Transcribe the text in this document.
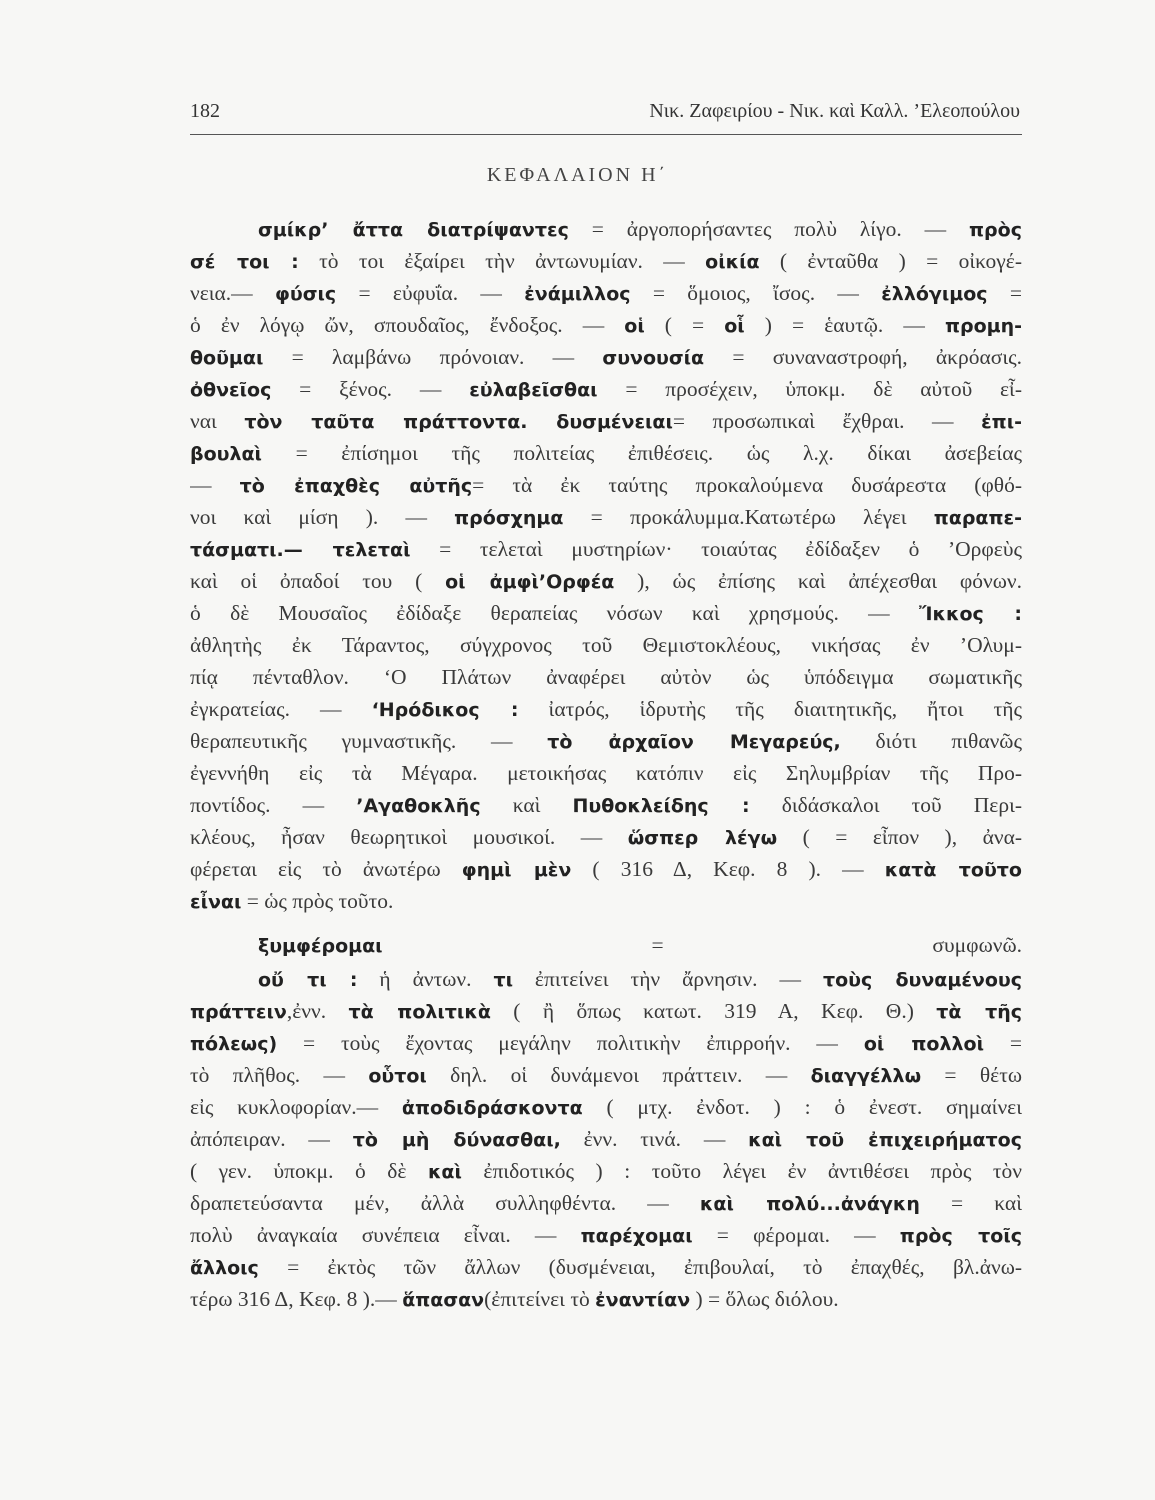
182	Νικ. Ζαφειρίου - Νικ. καὶ Καλλ. ’Ελεοπούλου
ΚΕΦΑΛΑΙΟΝ Η΄
σμίκρ’ ἄττα διατρίψαντες = ἀργοπορήσαντες πολὺ λίγο. — πρὸς
σέ τοι : τὸ τοι ἐξαίρει τὴν ἀντωνυμίαν. — οἰκία ( ἐνταῦθα ) = οἰκογέ-
νεια.— φύσις = εὐφυΐα. — ἐνάμιλλος = ὅμοιος, ἴσος. — ἐλλόγιμος =
ὁ ἐν λόγῳ ὤν, σπουδαῖος, ἔνδοξος. — οἱ ( = οἷ ) = ἑαυτῷ. — προμη-
θοῦμαι = λαμβάνω πρόνοιαν. — συνουσία = συναναστροφή, ἀκρόασις.
ὀθνεῖος = ξένος. — εὐλαβεῖσθαι = προσέχειν, ὑποκμ. δὲ αὐτοῦ εἶ-
ναι τὸν ταῦτα πράττοντα. δυσμένειαι= προσωπικαὶ ἔχθραι. — ἐπι-
βουλαὶ = ἐπίσημοι τῆς πολιτείας ἐπιθέσεις. ὡς λ.χ. δίκαι ἀσεβείας
— τὸ ἐπαχθὲς αὐτῆς= τὰ ἐκ ταύτης προκαλούμενα δυσάρεστα (φθό-
νοι καὶ μίση ). — πρόσχημα = προκάλυμμα.Κατωτέρω λέγει παραπε-
τάσματι.— τελεταὶ = τελεταὶ μυστηρίων· τοιαύτας ἐδίδαξεν ὁ ’Ορφεὺς
καὶ οἱ ὀπαδοί του ( οἱ ἀμφὶ’Ορφέα ), ὡς ἐπίσης καὶ ἀπέχεσθαι φόνων.
ὁ δὲ Μουσαῖος ἐδίδαξε θεραπείας νόσων καὶ χρησμούς. — Ἴκκος :
ἀθλητὴς ἐκ Τάραντος, σύγχρονος τοῦ Θεμιστοκλέους, νικήσας ἐν ’Ολυμ-
πίᾳ πένταθλον. ‘Ο Πλάτων ἀναφέρει αὐτὸν ὡς ὑπόδειγμα σωματικῆς
ἐγκρατείας. — ‘Ηρόδικος : ἰατρός, ἱδρυτὴς τῆς διαιτητικῆς, ἤτοι τῆς
θεραπευτικῆς γυμναστικῆς. — τὸ ἀρχαῖον Μεγαρεύς, διότι πιθανῶς
ἐγεννήθη εἰς τὰ Μέγαρα. μετοικήσας κατόπιν εἰς Σηλυμβρίαν τῆς Προ-
ποντίδος. — ’Αγαθοκλῆς καὶ Πυθοκλείδης : διδάσκαλοι τοῦ Περι-
κλέους, ἦσαν θεωρητικοὶ μουσικοί. — ὥσπερ λέγω ( = εἶπον ), ἀνα-
φέρεται εἰς τὸ ἀνωτέρω φημὶ μὲν ( 316 Δ, Κεφ. 8 ). — κατὰ τοῦτο
εἶναι = ὡς πρὸς τοῦτο.
ξυμφέρομαι = συμφωνῶ.
οὔ τι : ἡ ἀντων. τι ἐπιτείνει τὴν ἄρνησιν. — τοὺς δυναμένους
πράττειν,ἐνν. τὰ πολιτικὰ ( ἢ ὅπως κατωτ. 319 Α, Κεφ. Θ.) τὰ τῆς
πόλεως) = τοὺς ἔχοντας μεγάλην πολιτικὴν ἐπιρροήν. — οἱ πολλοὶ =
τὸ πλῆθος. — οὗτοι δηλ. οἱ δυνάμενοι πράττειν. — διαγγέλλω = θέτω
εἰς κυκλοφορίαν.— ἀποδιδράσκοντα ( μτχ. ἐνδοτ. ) : ὁ ἐνεστ. σημαίνει
ἀπόπειραν. — τὸ μὴ δύνασθαι, ἐνν. τινά. — καὶ τοῦ ἐπιχειρήματος
( γεν. ὑποκμ. ὁ δὲ καὶ ἐπιδοτικός ) : τοῦτο λέγει ἐν ἀντιθέσει πρὸς τὸν
δραπετεύσαντα μέν, ἀλλὰ συλληφθέντα. — καὶ πολύ...ἀνάγκη = καὶ
πολὺ ἀναγκαία συνέπεια εἶναι. — παρέχομαι = φέρομαι. — πρὸς τοῖς
ἄλλοις = ἐκτὸς τῶν ἄλλων (δυσμένειαι, ἐπιβουλαί, τὸ ἐπαχθές, βλ.ἀνω-
τέρω 316 Δ, Κεφ. 8 ).— ἅπασαν(ἐπιτείνει τὸ ἐναντίαν ) = ὅλως διόλου.
